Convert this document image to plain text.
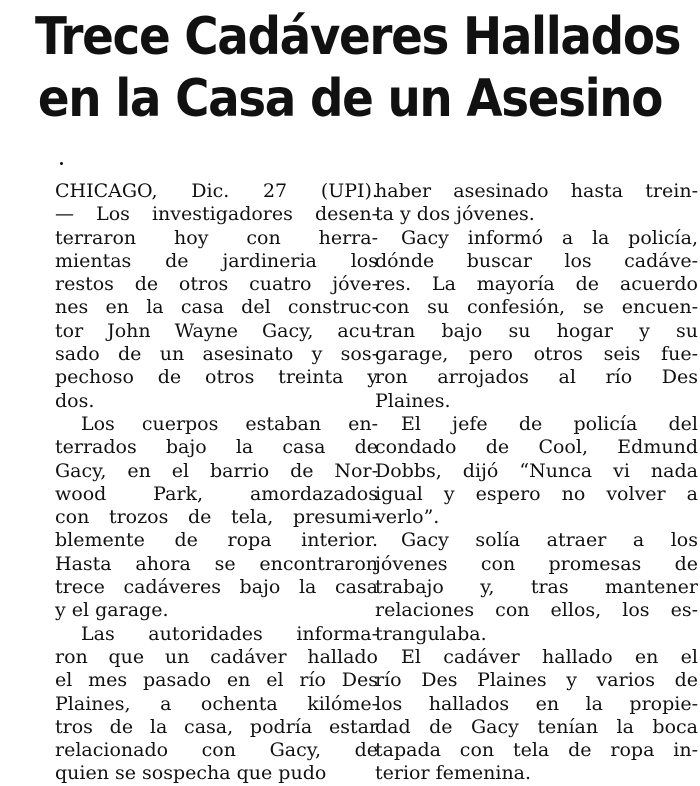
Trece Cadáveres Hallados
en la Casa de un Asesino

CHICAGO, Dic. 27 (UPI).
— Los investigadores desen-
terraron hoy con herra-
mientas de jardineria los
restos de otros cuatro jóve-
nes en la casa del construc-
tor John Wayne Gacy, acu-
sado de un asesinato y sos-
pechoso de otros treinta y
dos.

Los cuerpos estaban en-
terrados bajo la casa de
Gacy, en el barrio de Nor-
wood Park, amordazados
con trozos de tela, presumi-
blemente de ropa interior.
Hasta ahora se encontraron
trece cadáveres bajo la casa
y el garage.

Las autoridades informa-
ron que un cadáver hallado
el mes pasado en el río Des
Plaines, a ochenta kilóme-
tros de la casa, podría estar
relacionado con Gacy, de
quien se sospecha que pudo

haber asesinado hasta trein-
ta y dos jóvenes.

Gacy informó a la policía,
dónde buscar los cadáve-
res. La mayoría de acuerdo
con su confesión, se encuen-
tran bajo su hogar y su
garage, pero otros seis fue-
ron arrojados al río Des
Plaines.

El jefe de policía del
condado de Cool, Edmund
Dobbs, dijó “Nunca vi nada
igual y espero no volver a
verlo”.

Gacy solía atraer a los
jóvenes con promesas de
trabajo y, tras mantener
relaciones con ellos, los es-
trangulaba.

El cadáver hallado en el
río Des Plaines y varios de
los hallados en la propie-
dad de Gacy tenían la boca
tapada con tela de ropa in-
terior femenina.
